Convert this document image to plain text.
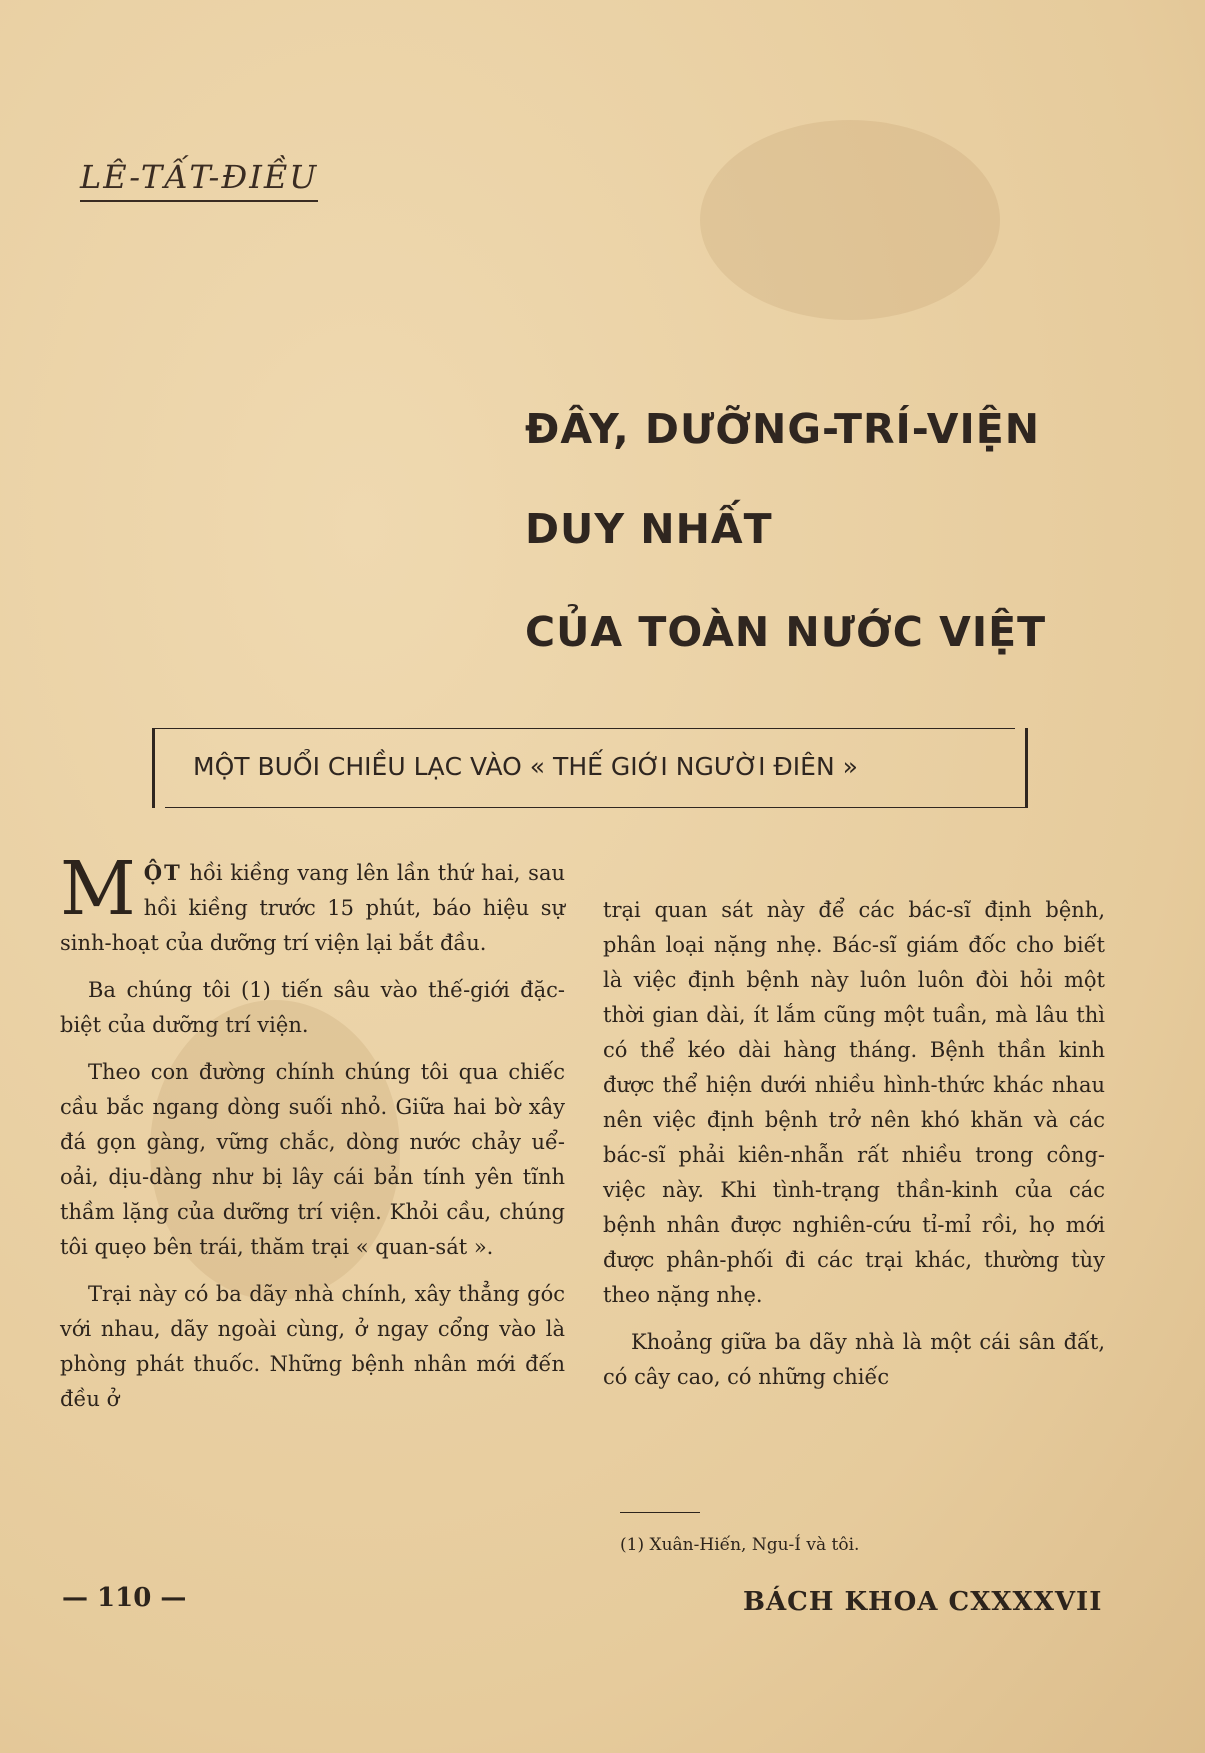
LÊ-TẤT-ĐIỀU
ĐÂY, DƯỠNG-TRÍ-VIỆN
DUY NHẤT
CỦA TOÀN NƯỚC VIỆT
MỘT BUỔI CHIỀU LẠC VÀO « THẾ GIỚI NGƯỜI ĐIÊN »

MỘT hồi kiềng vang lên lần thứ hai, sau hồi kiềng trước 15 phút, báo hiệu sự sinh-hoạt của dưỡng trí viện lại bắt đầu.

Ba chúng tôi (1) tiến sâu vào thế-giới đặc-biệt của dưỡng trí viện.

Theo con đường chính chúng tôi qua chiếc cầu bắc ngang dòng suối nhỏ. Giữa hai bờ xây đá gọn gàng, vững chắc, dòng nước chảy uể-oải, dịu-dàng như bị lây cái bản tính yên tĩnh thầm lặng của dưỡng trí viện. Khỏi cầu, chúng tôi quẹo bên trái, thăm trại « quan-sát ».

Trại này có ba dãy nhà chính, xây thẳng góc với nhau, dãy ngoài cùng, ở ngay cổng vào là phòng phát thuốc. Những bệnh nhân mới đến đều ở

trại quan sát này để các bác-sĩ định bệnh, phân loại nặng nhẹ. Bác-sĩ giám đốc cho biết là việc định bệnh này luôn luôn đòi hỏi một thời gian dài, ít lắm cũng một tuần, mà lâu thì có thể kéo dài hàng tháng. Bệnh thần kinh được thể hiện dưới nhiều hình-thức khác nhau nên việc định bệnh trở nên khó khăn và các bác-sĩ phải kiên-nhẫn rất nhiều trong công-việc này. Khi tình-trạng thần-kinh của các bệnh nhân được nghiên-cứu tỉ-mỉ rồi, họ mới được phân-phối đi các trại khác, thường tùy theo nặng nhẹ.

Khoảng giữa ba dãy nhà là một cái sân đất, có cây cao, có những chiếc

(1) Xuân-Hiến, Ngu-Í và tôi.
— 110 —	BÁCH KHOA CXXXXVII
